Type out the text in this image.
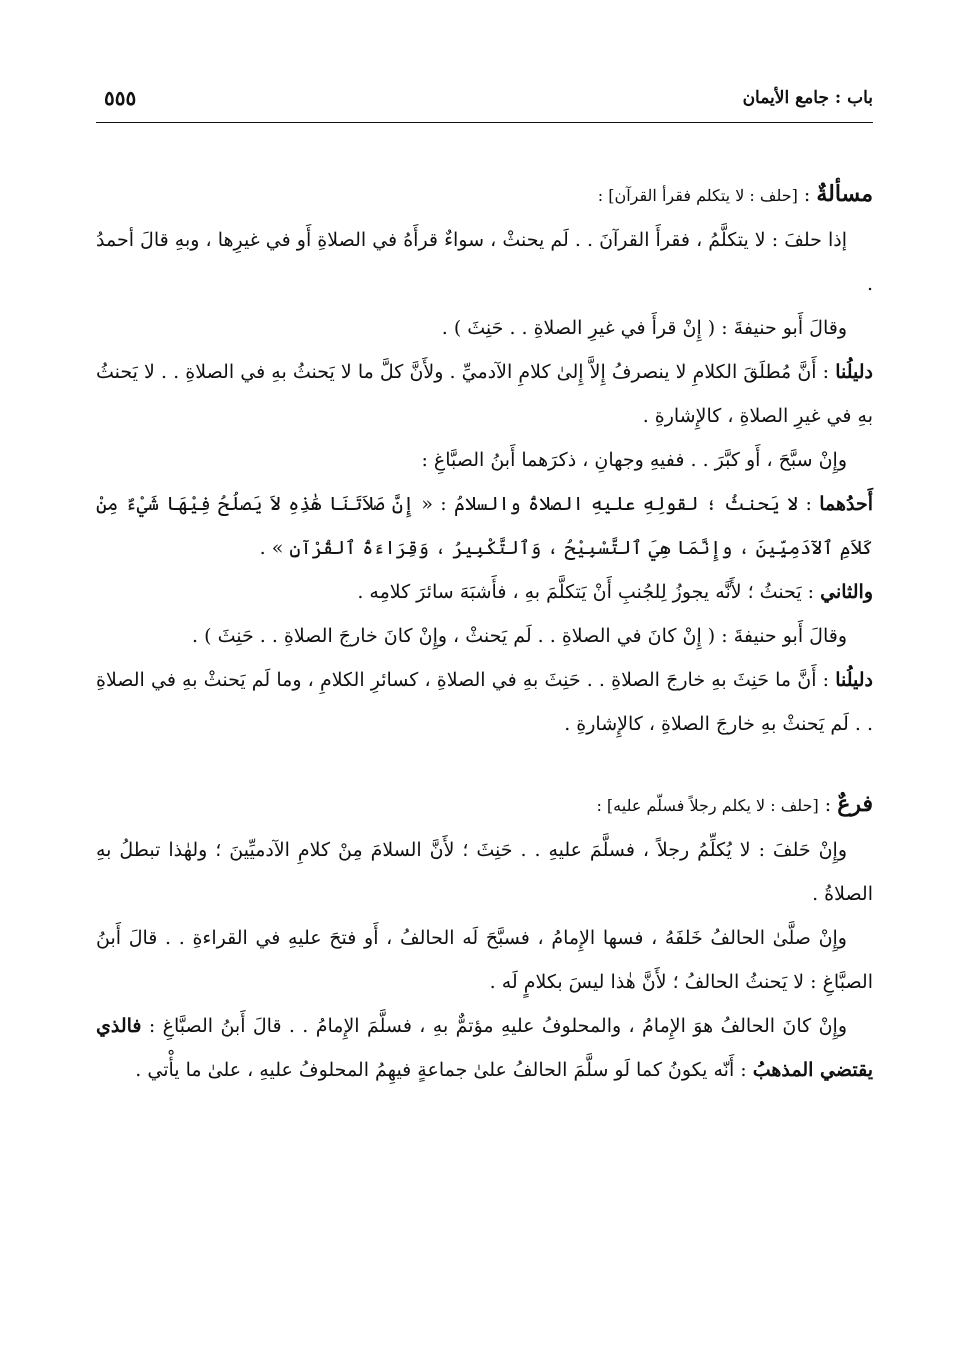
باب : جامع الأيمان
٥٥٥

مسألةٌ : [حلف : لا يتكلم فقرأ القرآن] :

إذا حلفَ : لا يتكلَّمُ ، فقرأَ القرآنَ . . لَم يحنثْ ، سواءٌ قرأَهُ في الصلاةِ أَو في غيرِها ، وبهِ قالَ أحمدُ .

وقالَ أَبو حنيفةَ : ( إِنْ قرأَ في غيرِ الصلاةِ . . حَنِثَ ) .

دليلُنا : أَنَّ مُطلَقَ الكلامِ لا ينصرفُ إِلاَّ إِلىٰ كلامِ الآدميِّ . ولأَنَّ كلَّ ما لا يَحنثُ بهِ في الصلاةِ . . لا يَحنثُ بهِ في غيرِ الصلاةِ ، كالإِشارةِ .

وإِنْ سبَّحَ ، أَو كبَّرَ . . ففيهِ وجهانِ ، ذكرَهما أَبنُ الصبَّاغِ :

أَحدُهما : لا يَحنثُ ؛ لقولِهِ عليهِ الصلاةُ والسلامُ : « إِنَّ صَلاَتَنَا هَٰذِهِ لاَ يَصلُحُ فِيْهَا شَيْءٌ مِنْ كَلاَمِ ٱلآدَمِيِّينَ ، وإِنَّمَا هِيَ ٱلتَّسْبِيْحُ ، وَٱلتَّكْبِيرُ ، وَقِرَاءَةُ ٱلقُرْآنِ » .

والثاني : يَحنثُ ؛ لأَنَّه يجوزُ لِلجُنبِ أَنْ يَتكلَّمَ بهِ ، فأَشبَهَ سائرَ كلامِه .

وقالَ أَبو حنيفةَ : ( إِنْ كانَ في الصلاةِ . . لَم يَحنثْ ، وإِنْ كانَ خارجَ الصلاةِ . . حَنِثَ ) .

دليلُنا : أَنَّ ما حَنِثَ بهِ خارجَ الصلاةِ . . حَنِثَ بهِ في الصلاةِ ، كسائرِ الكلامِ ، وما لَم يَحنثْ بهِ في الصلاةِ . . لَم يَحنثْ بهِ خارجَ الصلاةِ ، كالإِشارةِ .

فرعٌ : [حلف : لا يكلم رجلاً فسلّم عليه] :

وإِنْ حَلفَ : لا يُكلِّمُ رجلاً ، فسلَّمَ عليهِ . . حَنِثَ ؛ لأَنَّ السلامَ مِنْ كلامِ الآدميِّينَ ؛ ولهٰذا تبطلُ بهِ الصلاةُ .

وإِنْ صلَّىٰ الحالفُ خَلفَهُ ، فسها الإِمامُ ، فسبَّحَ لَه الحالفُ ، أَو فتحَ عليهِ في القراءةِ . . قالَ أَبنُ الصبَّاغِ : لا يَحنثُ الحالفُ ؛ لأَنَّ هٰذا ليسَ بكلامٍ لَه .

وإِنْ كانَ الحالفُ هوَ الإِمامُ ، والمحلوفُ عليهِ مؤتمٌّ بهِ ، فسلَّمَ الإِمامُ . . قالَ أَبنُ الصبَّاغِ : فالذي يقتضي المذهبُ : أَنّه يكونُ كما لَو سلَّمَ الحالفُ علىٰ جماعةٍ فيهِمُ المحلوفُ عليهِ ، علىٰ ما يأْتي .
